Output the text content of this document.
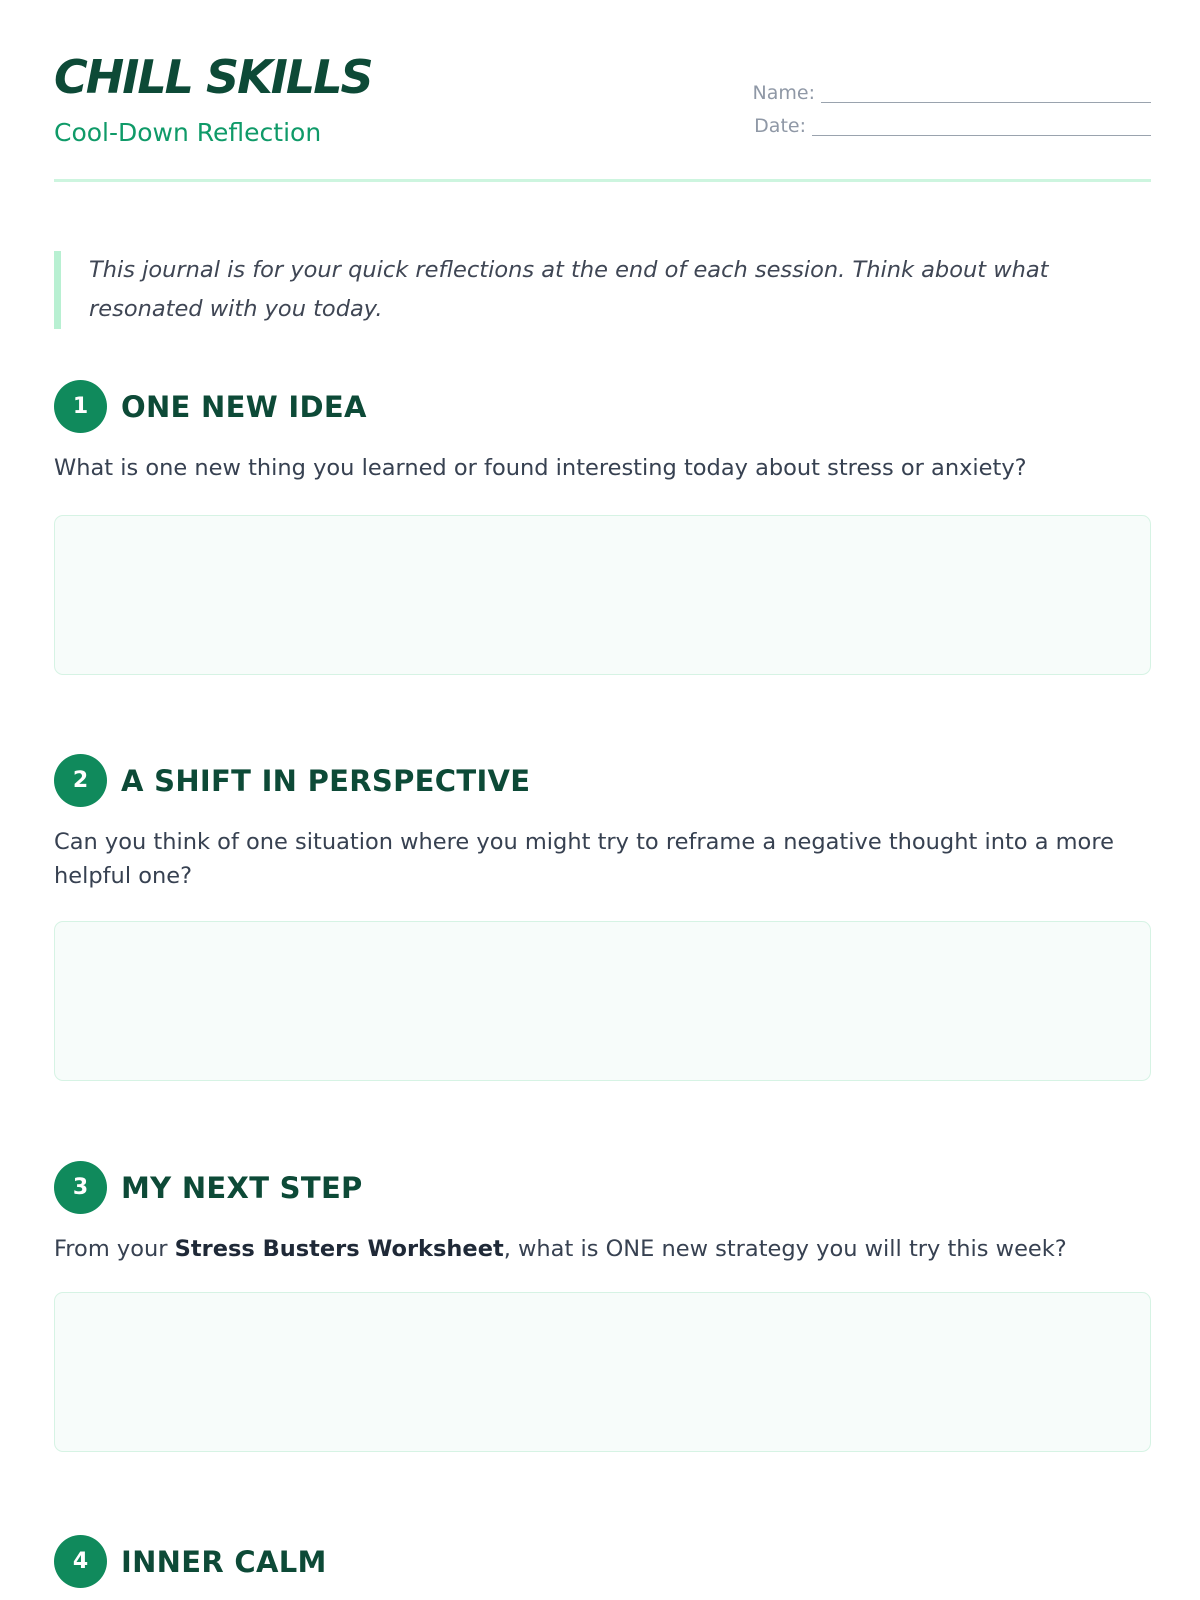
CHILL SKILLS
Cool-Down Reflection
Name:
Date:
This journal is for your quick reflections at the end of each session. Think about what resonated with you today.
1	ONE NEW IDEA

What is one new thing you learned or found interesting today about stress or anxiety?

2	A SHIFT IN PERSPECTIVE

Can you think of one situation where you might try to reframe a negative thought into a more helpful one?

3	MY NEXT STEP

From your Stress Busters Worksheet, what is ONE new strategy you will try this week?

4	INNER CALM
